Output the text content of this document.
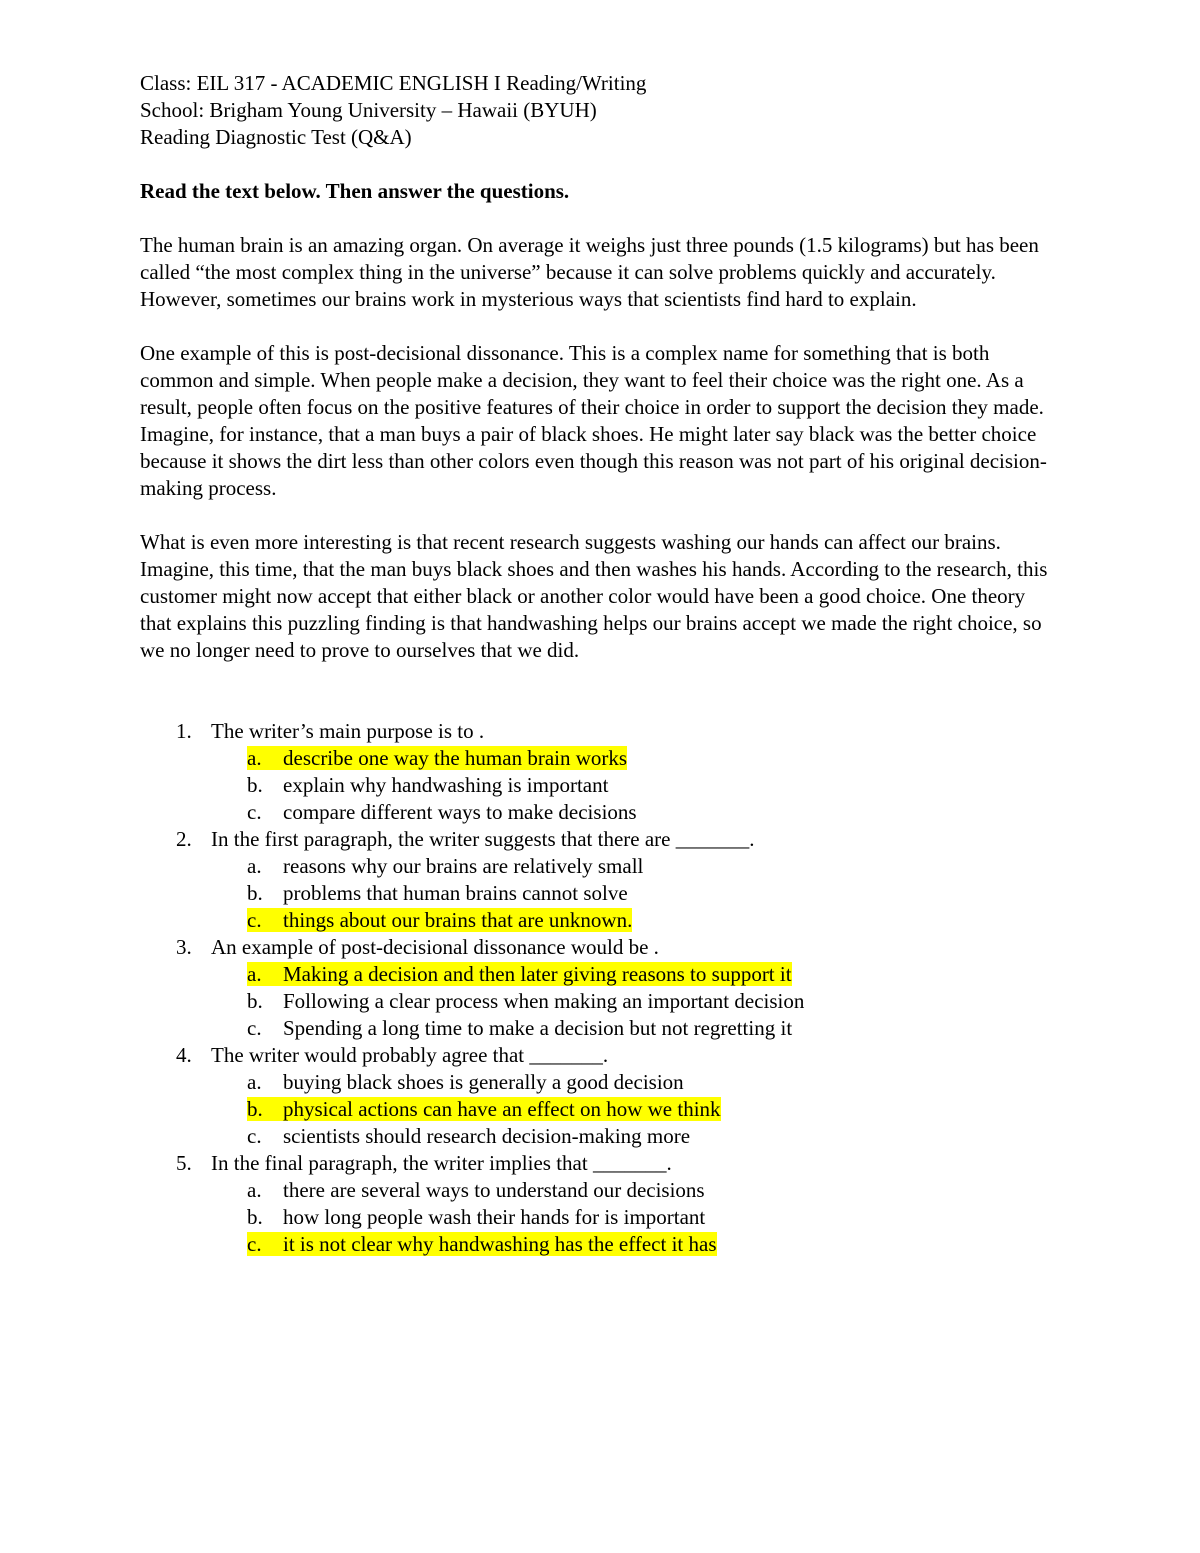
Class: EIL 317 - ACADEMIC ENGLISH I Reading/Writing

School: Brigham Young University – Hawaii (BYUH)

Reading Diagnostic Test (Q&A)

Read the text below. Then answer the questions.

The human brain is an amazing organ. On average it weighs just three pounds (1.5 kilograms) but has been called “the most complex thing in the universe” because it can solve problems quickly and accurately. However, sometimes our brains work in mysterious ways that scientists find hard to explain.

One example of this is post-decisional dissonance. This is a complex name for something that is both common and simple. When people make a decision, they want to feel their choice was the right one. As a result, people often focus on the positive features of their choice in order to support the decision they made. Imagine, for instance, that a man buys a pair of black shoes. He might later say black was the better choice because it shows the dirt less than other colors even though this reason was not part of his original decision- making process.

What is even more interesting is that recent research suggests washing our hands can affect our brains. Imagine, this time, that the man buys black shoes and then washes his hands. According to the research, this customer might now accept that either black or another color would have been a good choice. One theory that explains this puzzling finding is that handwashing helps our brains accept we made the right choice, so we no longer need to prove to ourselves that we did.

1. The writer’s main purpose is to .
a. describe one way the human brain works
b. explain why handwashing is important
c. compare different ways to make decisions
2. In the first paragraph, the writer suggests that there are _______.
a. reasons why our brains are relatively small
b. problems that human brains cannot solve
c. things about our brains that are unknown.
3. An example of post-decisional dissonance would be .
a. Making a decision and then later giving reasons to support it
b. Following a clear process when making an important decision
c. Spending a long time to make a decision but not regretting it
4. The writer would probably agree that _______.
a. buying black shoes is generally a good decision
b. physical actions can have an effect on how we think
c. scientists should research decision-making more
5. In the final paragraph, the writer implies that _______.
a. there are several ways to understand our decisions
b. how long people wash their hands for is important
c. it is not clear why handwashing has the effect it has
